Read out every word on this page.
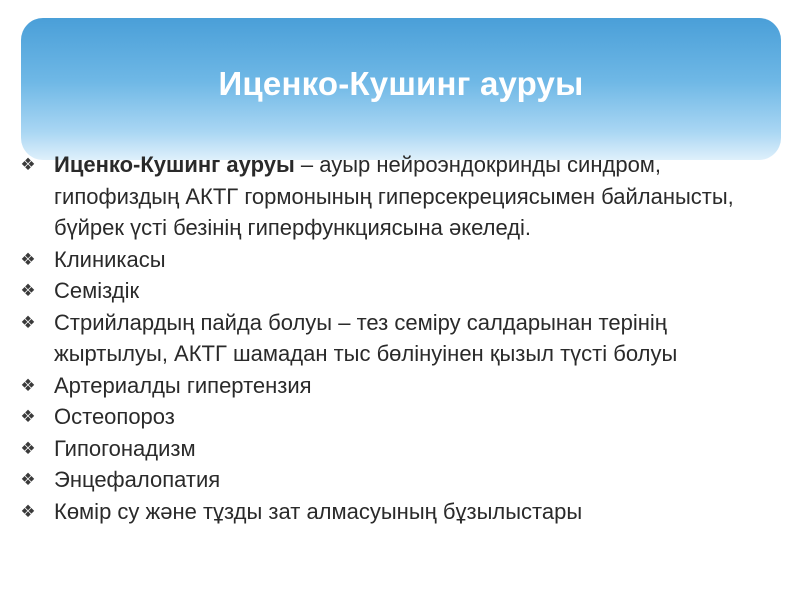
Иценко-Кушинг ауруы
❖ Иценко-Кушинг ауруы – ауыр нейроэндокринды синдром, гипофиздың АКТГ гормонының гиперсекрециясымен байланысты, бүйрек үсті безінің гиперфункциясына әкеледі.
❖ Клиникасы
❖ Семіздік
❖ Стрийлардың пайда болуы – тез семіру салдарынан терінің жыртылуы, АКТГ шамадан тыс бөлінуінен қызыл түсті болуы
❖ Артериалды гипертензия
❖ Остеопороз
❖ Гипогонадизм
❖ Энцефалопатия
❖ Көмір су және тұзды зат алмасуының бұзылыстары
